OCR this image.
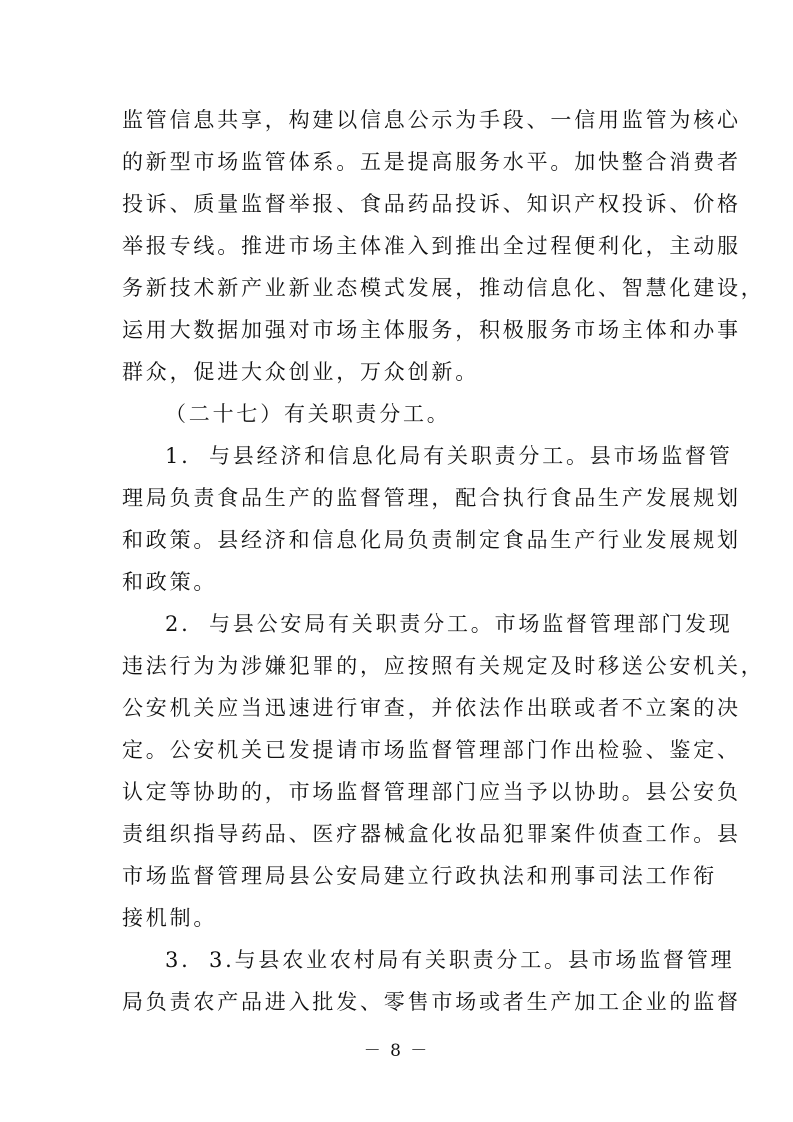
监管信息共享，构建以信息公示为手段、一信用监管为核心
的新型市场监管体系。五是提高服务水平。加快整合消费者
投诉、质量监督举报、食品药品投诉、知识产权投诉、价格
举报专线。推进市场主体准入到推出全过程便利化，主动服
务新技术新产业新业态模式发展，推动信息化、智慧化建设，
运用大数据加强对市场主体服务，积极服务市场主体和办事
群众，促进大众创业，万众创新。
（二十七）有关职责分工。
1. 与县经济和信息化局有关职责分工。县市场监督管
理局负责食品生产的监督管理，配合执行食品生产发展规划
和政策。县经济和信息化局负责制定食品生产行业发展规划
和政策。
2. 与县公安局有关职责分工。市场监督管理部门发现
违法行为为涉嫌犯罪的，应按照有关规定及时移送公安机关，
公安机关应当迅速进行审查，并依法作出联或者不立案的决
定。公安机关已发提请市场监督管理部门作出检验、鉴定、
认定等协助的，市场监督管理部门应当予以协助。县公安负
责组织指导药品、医疗器械盒化妆品犯罪案件侦查工作。县
市场监督管理局县公安局建立行政执法和刑事司法工作衔
接机制。
3. 3.与县农业农村局有关职责分工。县市场监督管理
局负责农产品进入批发、零售市场或者生产加工企业的监督
－ 8 －
